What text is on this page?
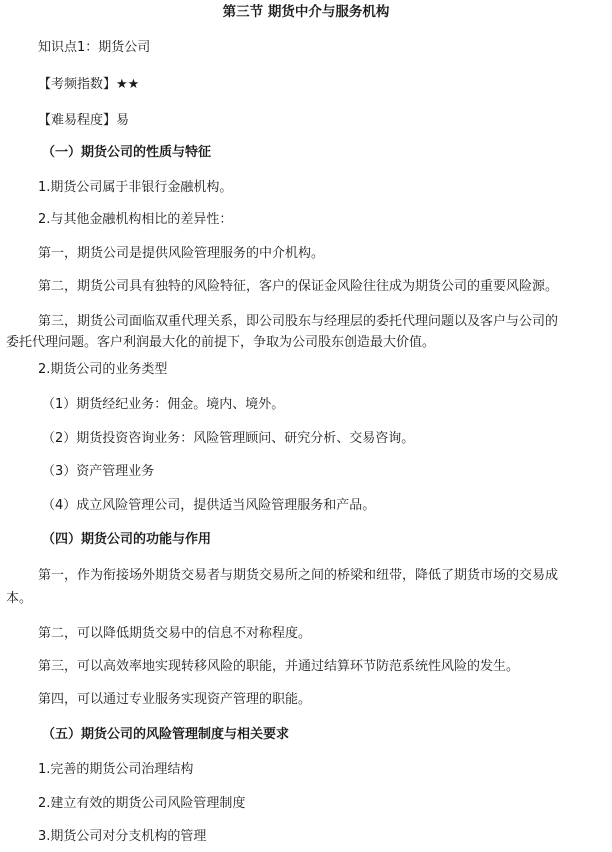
第三节 期货中介与服务机构
知识点1：期货公司
【考频指数】★★
【难易程度】易
（一）期货公司的性质与特征
1.期货公司属于非银行金融机构。
2.与其他金融机构相比的差异性：
第一，期货公司是提供风险管理服务的中介机构。
第二，期货公司具有独特的风险特征，客户的保证金风险往往成为期货公司的重要风险源。
第三，期货公司面临双重代理关系，即公司股东与经理层的委托代理问题以及客户与公司的
委托代理问题。客户利润最大化的前提下，争取为公司股东创造最大价值。
2.期货公司的业务类型
（1）期货经纪业务：佣金。境内、境外。
（2）期货投资咨询业务：风险管理顾问、研究分析、交易咨询。
（3）资产管理业务
（4）成立风险管理公司，提供适当风险管理服务和产品。
（四）期货公司的功能与作用
第一，作为衔接场外期货交易者与期货交易所之间的桥梁和纽带，降低了期货市场的交易成
本。
第二，可以降低期货交易中的信息不对称程度。
第三，可以高效率地实现转移风险的职能，并通过结算环节防范系统性风险的发生。
第四，可以通过专业服务实现资产管理的职能。
（五）期货公司的风险管理制度与相关要求
1.完善的期货公司治理结构
2.建立有效的期货公司风险管理制度
3.期货公司对分支机构的管理
